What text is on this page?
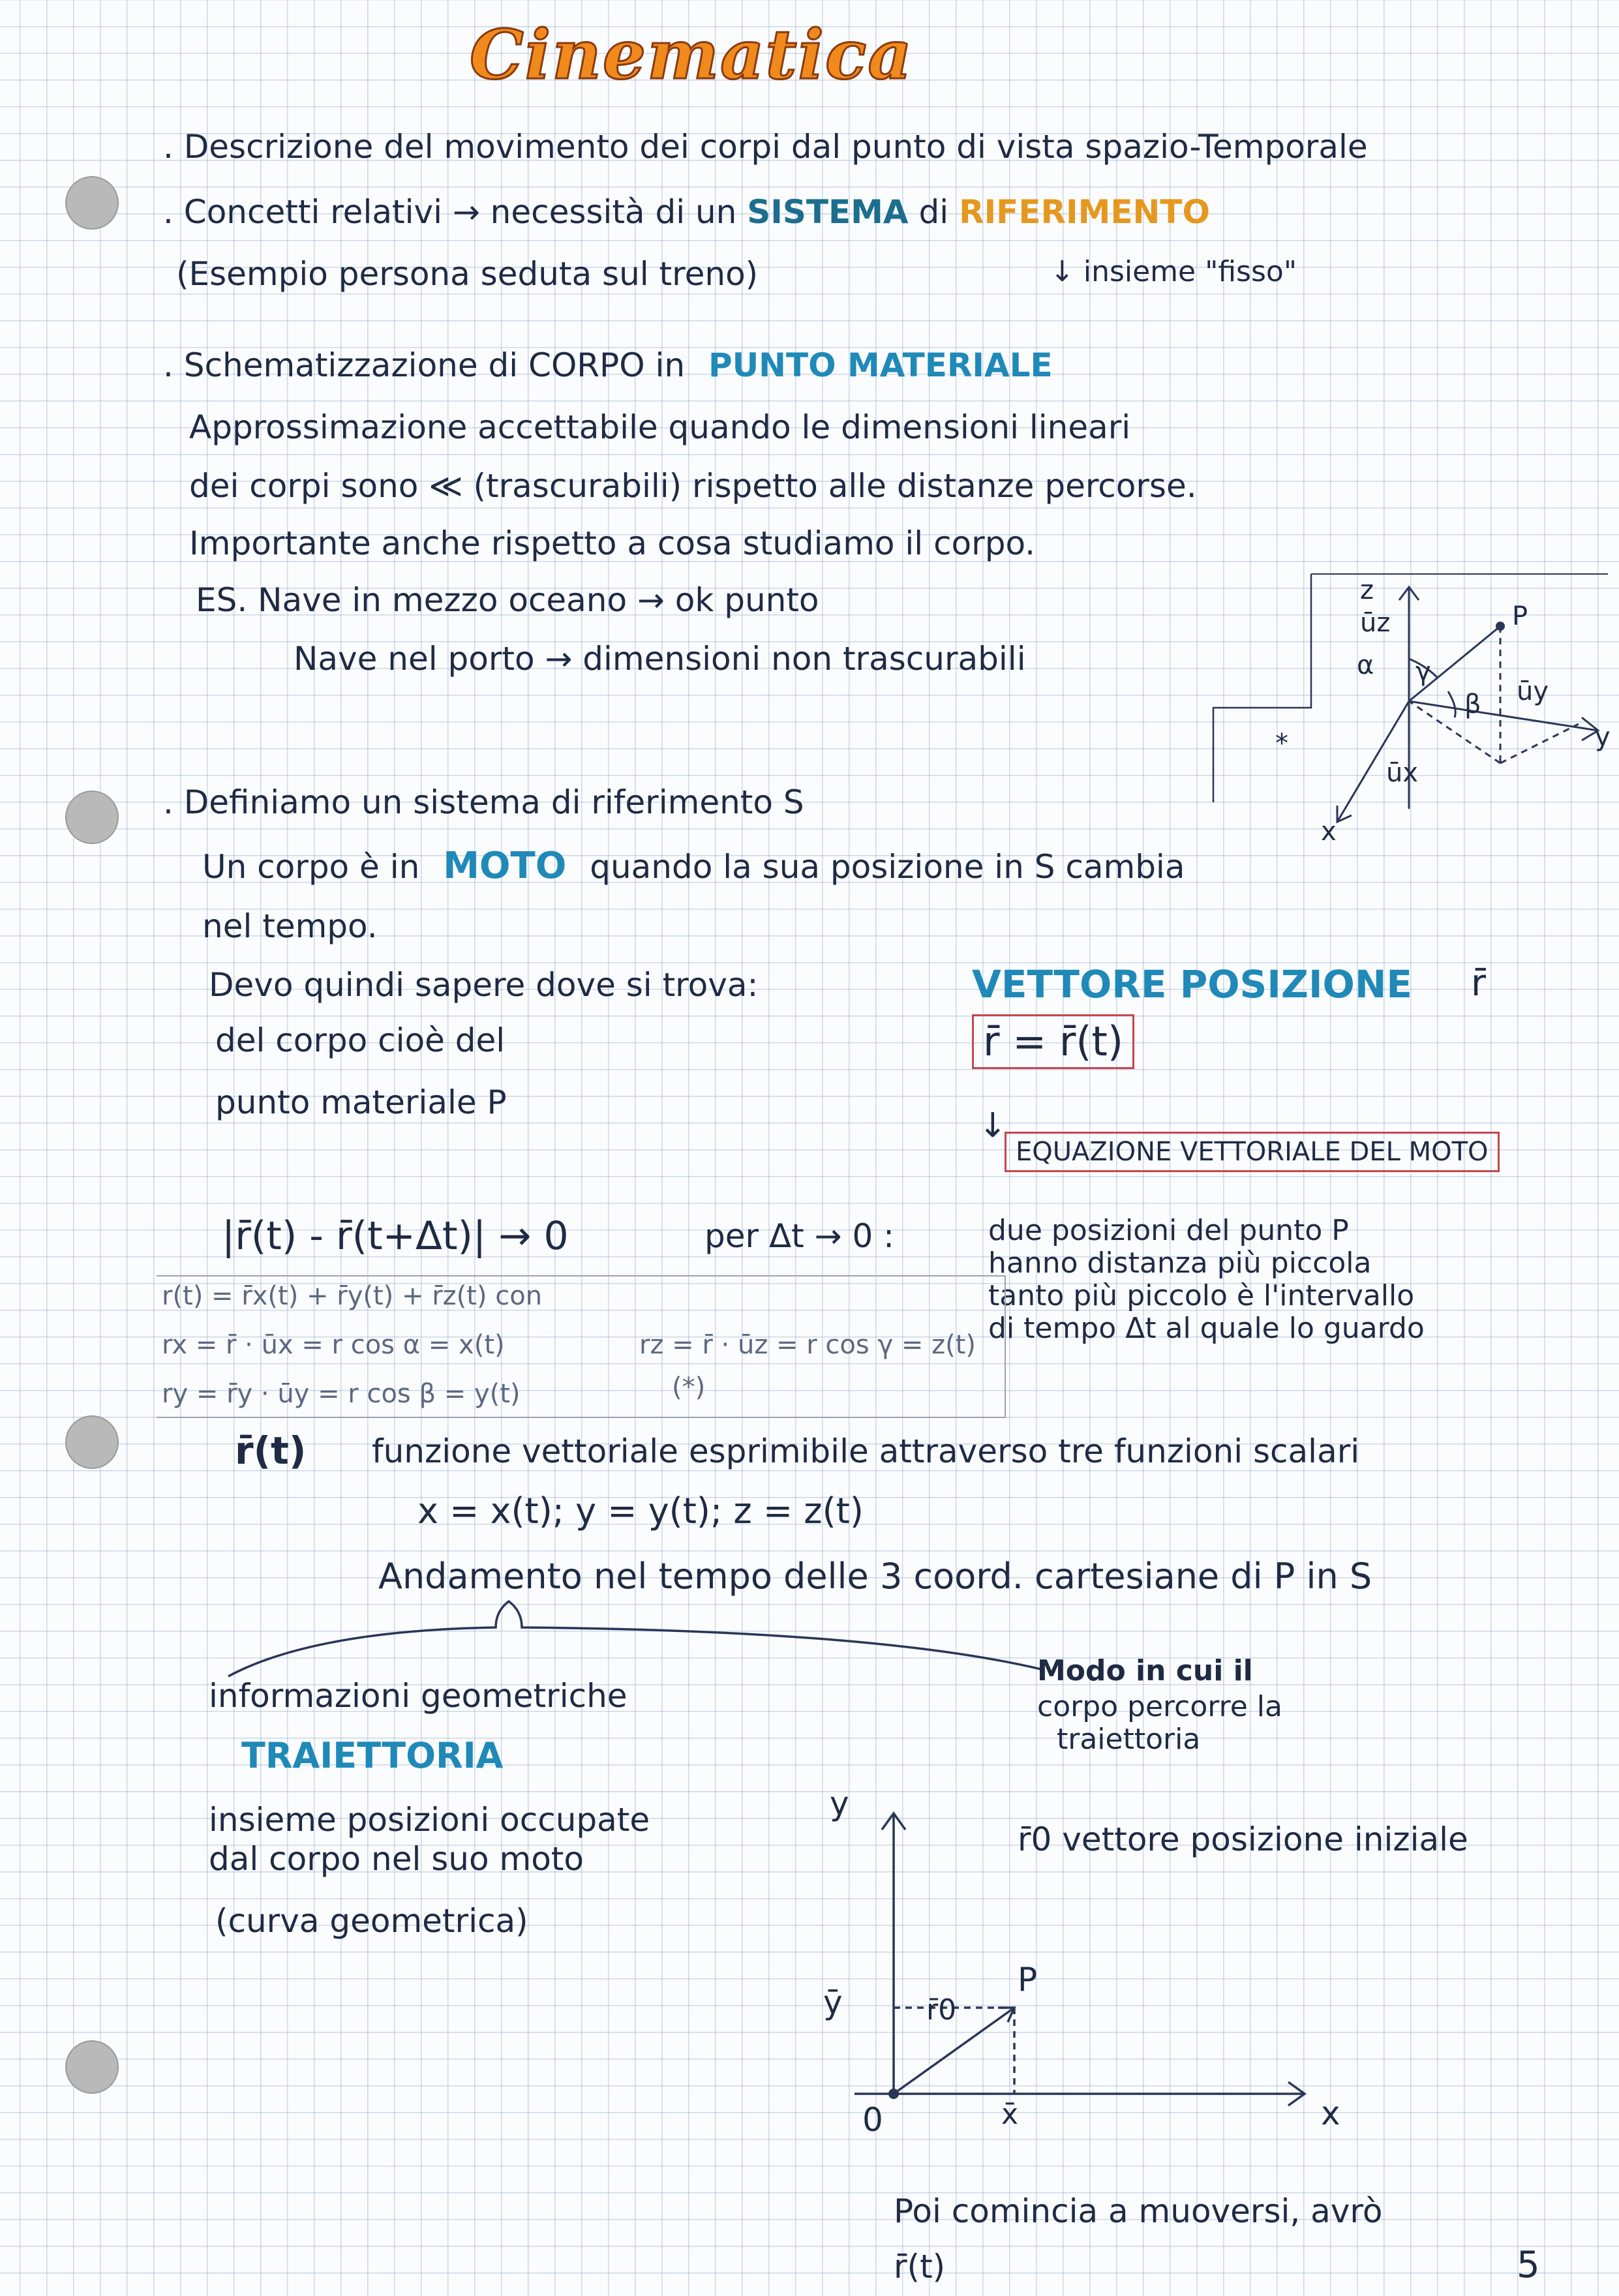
Cinematica
. Descrizione del movimento dei corpi dal punto di vista spazio-Temporale
. Concetti relativi → necessità di un SISTEMA di RIFERIMENTO
(Esempio persona seduta sul treno)	↓ insieme "fisso"
. Schematizzazione di CORPO in PUNTO MATERIALE
Approssimazione accettabile quando le dimensioni lineari
dei corpi sono ≪ (trascurabili) rispetto alle distanze percorse.
Importante anche rispetto a cosa studiamo il corpo.
ES. Nave in mezzo oceano → ok punto
Nave nel porto → dimensioni non trascurabili
z
ūz	P
α γ
β ūy
y
ūx
x
*
. Definiamo un sistema di riferimento S
Un corpo è in MOTO quando la sua posizione in S cambia
nel tempo.
Devo quindi sapere dove si trova:	VETTORE POSIZIONE r̄
del corpo cioè del
punto materiale P
r̄ = r̄(t)
↓
EQUAZIONE VETTORIALE DEL MOTO
|r̄(t) - r̄(t+Δt)| → 0	per Δt → 0 :	due posizioni del punto P
hanno distanza più piccola
tanto più piccolo è l'intervallo
di tempo Δt al quale lo guardo
r(t) = r̄x(t) + r̄y(t) + r̄z(t) con
rx = r̄ · ūx = r cos α = x(t)	rz = r̄ · ūz = r cos γ = z(t)
ry = r̄y · ūy = r cos β = y(t)	(*)
r̄(t) funzione vettoriale esprimibile attraverso tre funzioni scalari
x = x(t); y = y(t); z = z(t)
Andamento nel tempo delle 3 coord. cartesiane di P in S
informazioni geometriche
Modo in cui il
corpo percorre la
traiettoria
TRAIETTORIA
insieme posizioni occupate
dal corpo nel suo moto
(curva geometrica)
y
x
0
P
r̄0
ȳ
x̄
r̄0 vettore posizione iniziale
Poi comincia a muoversi, avrò
r̄(t)	5
